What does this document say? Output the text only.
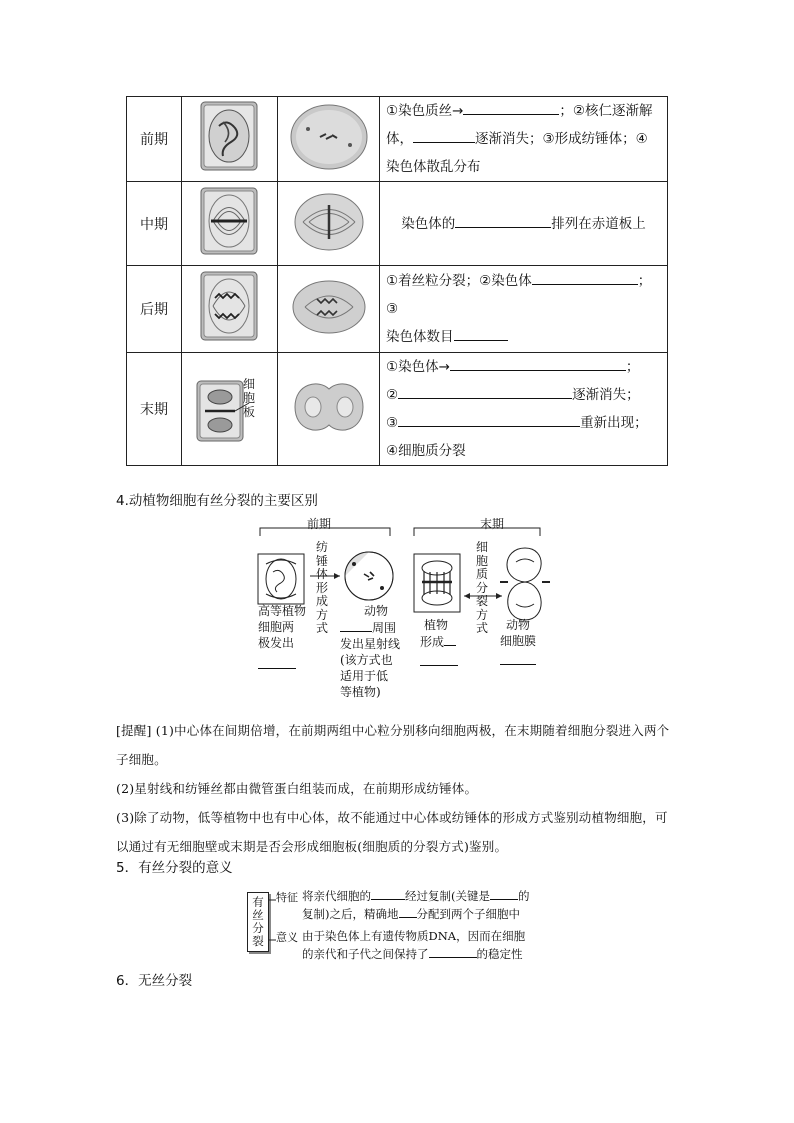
前期			①染色质丝→ ；②核仁逐渐解
体， 逐渐消失；③形成纺锤体；④
染色体散乱分布

中期			染色体的 排列在赤道板上

后期			①着丝粒分裂；②染色体 ；③
染色体数目

末期	细胞板		①染色体→ ；
② 逐渐消失；
③ 重新出现；
④细胞质分裂
4.动植物细胞有丝分裂的主要区别
前期	末期
纺锤体形成方式
细胞质分裂方式
高等植物
细胞两
极发出
动物
周围
发出星射线
(该方式也
适用于低
等植物)
植物
形成
动物
细胞膜
[提醒] (1)中心体在间期倍增，在前期两组中心粒分别移向细胞两极，在末期随着细胞分裂进入两个子细胞。
(2)星射线和纺锤丝都由微管蛋白组装而成，在前期形成纺锤体。
(3)除了动物，低等植物中也有中心体，故不能通过中心体或纺锤体的形成方式鉴别动植物细胞，可以通过有无细胞壁或末期是否会形成细胞板(细胞质的分裂方式)鉴别。
5．有丝分裂的意义
有丝分裂
特征
意义
将亲代细胞的	经过复制(关键是 的
复制)之后，精确地 分配到两个子细胞中
由于染色体上有遗传物质DNA，因而在细胞
的亲代和子代之间保持了	的稳定性
6．无丝分裂
